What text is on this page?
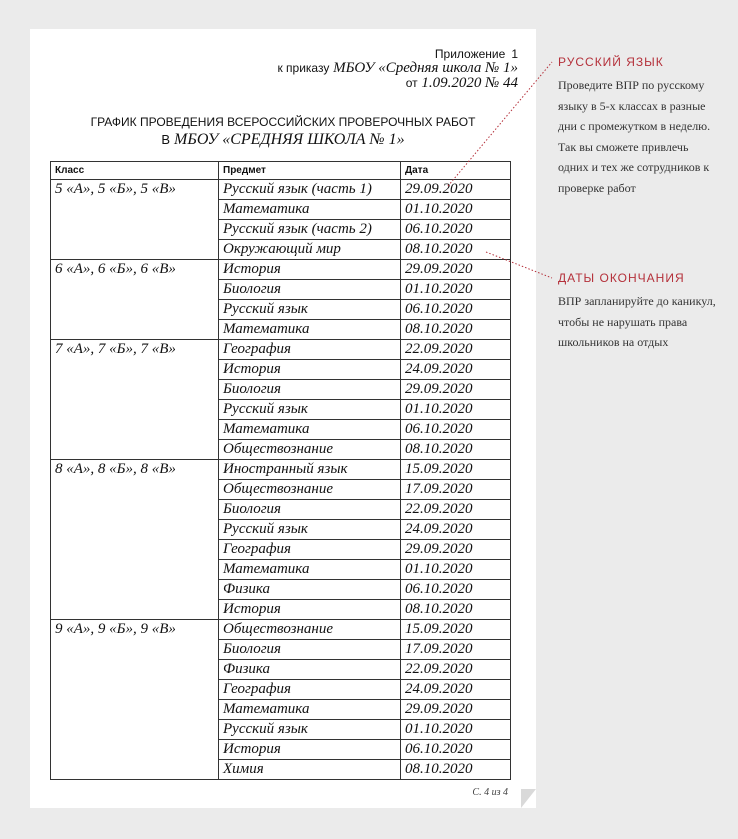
Приложение 1
к приказу МБОУ «Средняя школа № 1»
от 1.09.2020 № 44
ГРАФИК ПРОВЕДЕНИЯ ВСЕРОССИЙСКИХ ПРОВЕРОЧНЫХ РАБОТ
В МБОУ «СРЕДНЯЯ ШКОЛА № 1»
Класс	Предмет	Дата
5 «А», 5 «Б», 5 «В»	Русский язык (часть 1)	29.09.2020
	Математика	01.10.2020
	Русский язык (часть 2)	06.10.2020
	Окружающий мир	08.10.2020
6 «А», 6 «Б», 6 «В»	История	29.09.2020
	Биология	01.10.2020
	Русский язык	06.10.2020
	Математика	08.10.2020
7 «А», 7 «Б», 7 «В»	География	22.09.2020
	История	24.09.2020
	Биология	29.09.2020
	Русский язык	01.10.2020
	Математика	06.10.2020
	Обществознание	08.10.2020
8 «А», 8 «Б», 8 «В»	Иностранный язык	15.09.2020
	Обществознание	17.09.2020
	Биология	22.09.2020
	Русский язык	24.09.2020
	География	29.09.2020
	Математика	01.10.2020
	Физика	06.10.2020
	История	08.10.2020
9 «А», 9 «Б», 9 «В»	Обществознание	15.09.2020
	Биология	17.09.2020
	Физика	22.09.2020
	География	24.09.2020
	Математика	29.09.2020
	Русский язык	01.10.2020
	История	06.10.2020
	Химия	08.10.2020
С. 4 из 4
РУССКИЙ ЯЗЫК
Проведите ВПР по русскому языку в 5-х классах в разные дни с промежутком в неделю. Так вы сможете привлечь одних и тех же сотрудников к проверке работ
ДАТЫ ОКОНЧАНИЯ
ВПР запланируйте до каникул, чтобы не нарушать права школьников на отдых
